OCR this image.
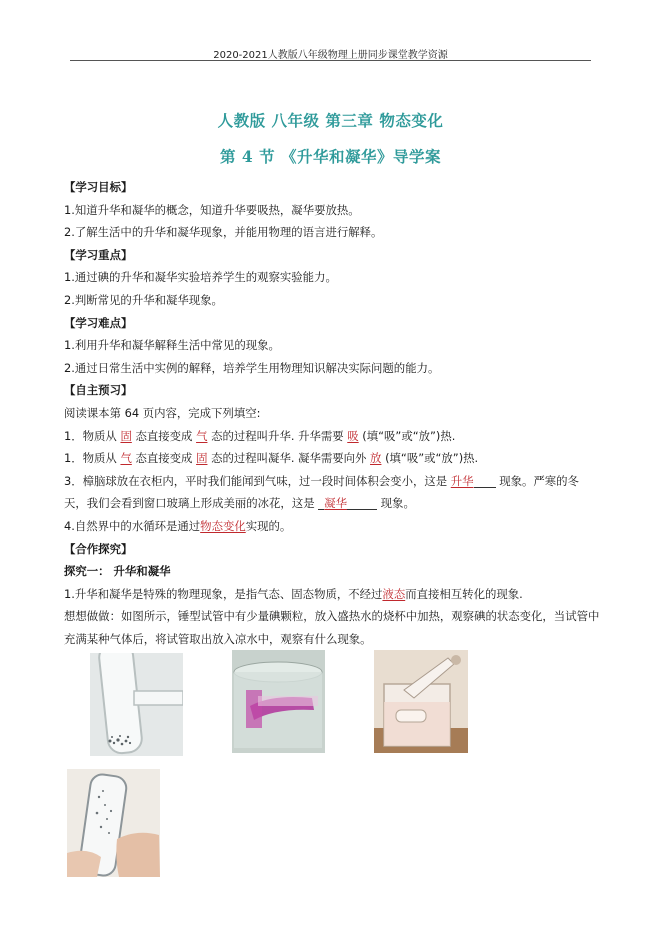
2020-2021人教版八年级物理上册同步课堂教学资源
人教版 八年级 第三章 物态变化
第 4 节 《升华和凝华》导学案
【学习目标】
1.知道升华和凝华的概念，知道升华要吸热，凝华要放热。
2.了解生活中的升华和凝华现象，并能用物理的语言进行解释。
【学习重点】
1.通过碘的升华和凝华实验培养学生的观察实验能力。
2.判断常见的升华和凝华现象。
【学习难点】
1.利用升华和凝华解释生活中常见的现象。
2.通过日常生活中实例的解释，培养学生用物理知识解决实际问题的能力。
【自主预习】
阅读课本第 64 页内容，完成下列填空:
1．物质从 固 态直接变成 气 态的过程叫升华. 升华需要 吸 (填“吸”或“放”)热.
1．物质从 气 态直接变成 固 态的过程叫凝华. 凝华需要向外 放 (填“吸”或“放”)热.
3．樟脑球放在衣柜内，平时我们能闻到气味，过一段时间体积会变小，这是 升华 现象。严寒的冬
天，我们会看到窗口玻璃上形成美丽的冰花，这是 凝华	现象。
4.自然界中的水循环是通过物态变化实现的。
【合作探究】
探究一： 升华和凝华
1.升华和凝华是特殊的物理现象，是指气态、固态物质，不经过液态而直接相互转化的现象.
想想做做：如图所示，锤型试管中有少量碘颗粒，放入盛热水的烧杯中加热，观察碘的状态变化，当试管中充满某种气体后，将试管取出放入凉水中，观察有什么现象。
